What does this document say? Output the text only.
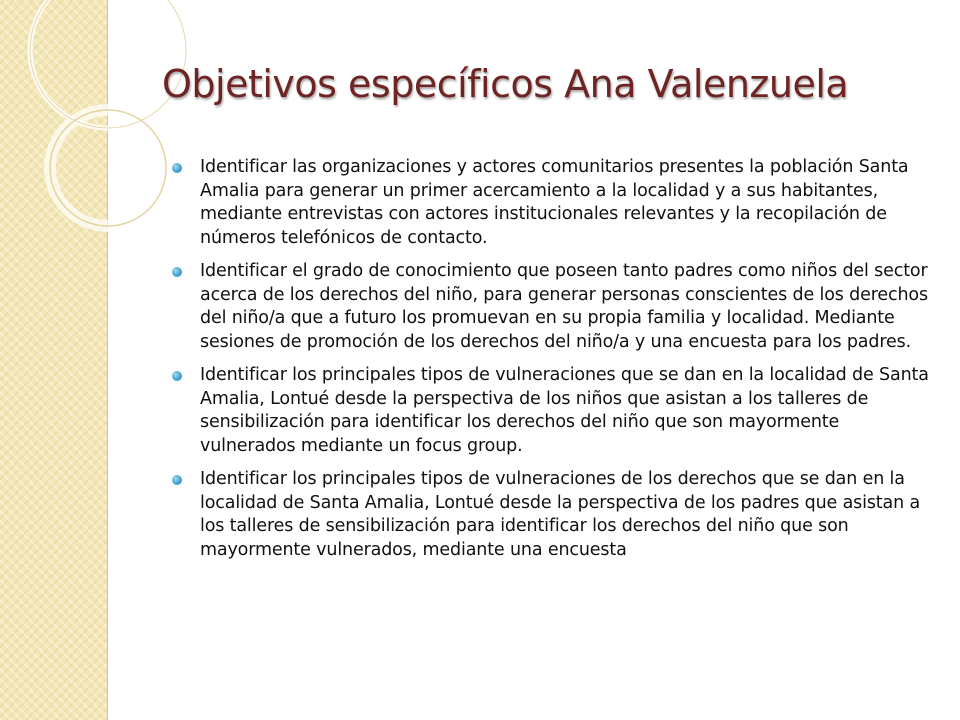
Objetivos específicos Ana Valenzuela
Identificar las organizaciones y actores comunitarios presentes la población Santa Amalia para generar un primer acercamiento a la localidad y a sus habitantes, mediante entrevistas con actores institucionales relevantes y la recopilación de números telefónicos de contacto.
Identificar el grado de conocimiento que poseen tanto padres como niños del sector acerca de los derechos del niño, para generar personas conscientes de los derechos del niño/a que a futuro los promuevan en su propia familia y localidad. Mediante sesiones de promoción de los derechos del niño/a y una encuesta para los padres.
Identificar los principales tipos de vulneraciones que se dan en la localidad de Santa Amalia, Lontué desde la perspectiva de los niños que asistan a los talleres de sensibilización para identificar los derechos del niño que son mayormente vulnerados mediante un focus group.
Identificar los principales tipos de vulneraciones de los derechos que se dan en la localidad de Santa Amalia, Lontué desde la perspectiva de los padres que asistan a los talleres de sensibilización para identificar los derechos del niño que son mayormente vulnerados, mediante una encuesta
